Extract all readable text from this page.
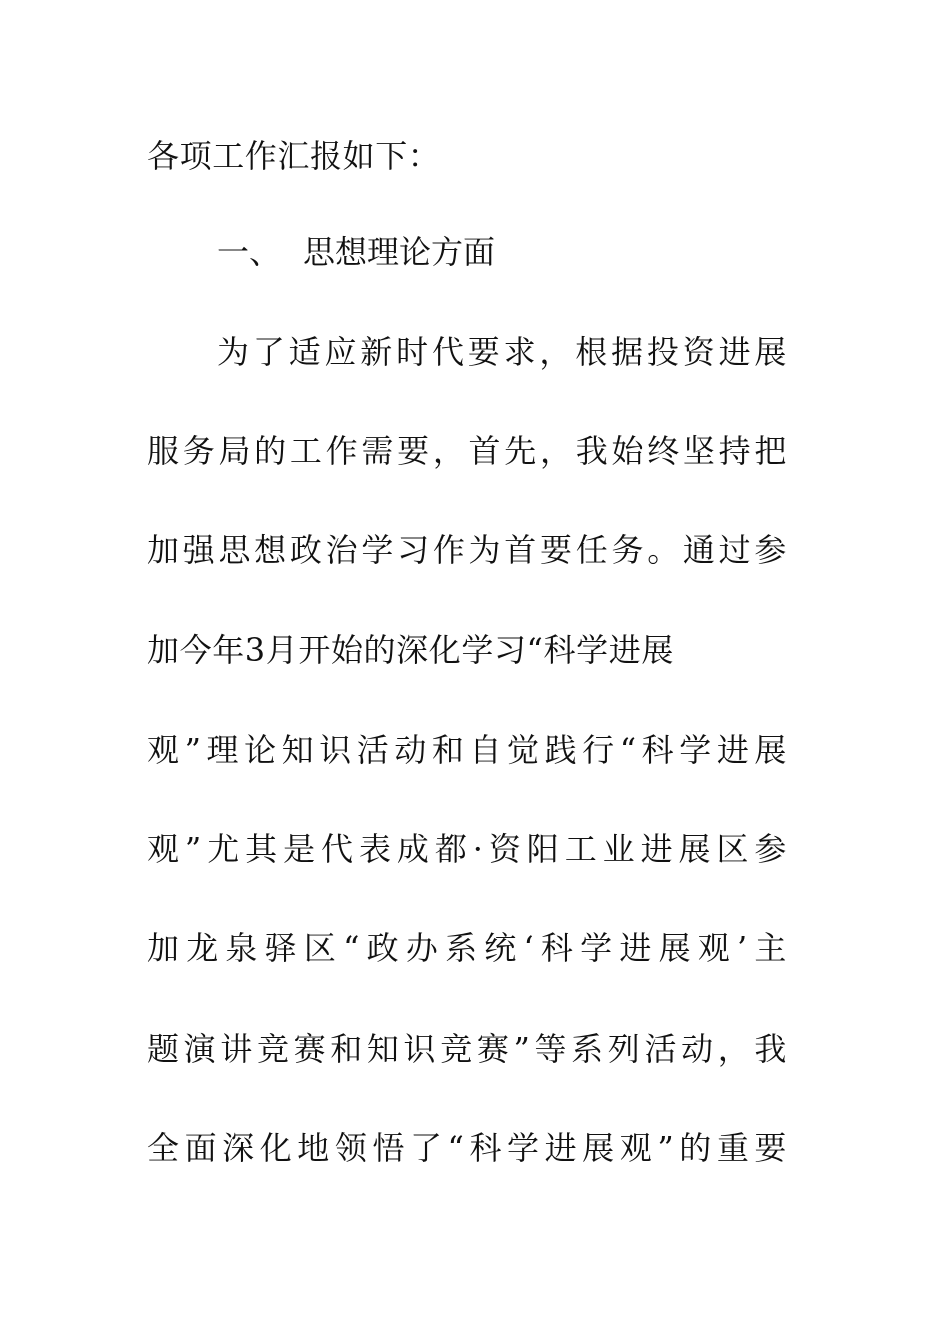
各项工作汇报如下：
一、 思想理论方面
为了适应新时代要求，根据投资进展
服务局的工作需要，首先，我始终坚持把
加强思想政治学习作为首要任务。通过参
加今年3月开始的深化学习“科学进展
观”理论知识活动和自觉践行“科学进展
观”尤其是代表成都·资阳工业进展区参
加龙泉驿区“政办系统‘科学进展观’主
题演讲竞赛和知识竞赛”等系列活动，我
全面深化地领悟了“科学进展观”的重要
